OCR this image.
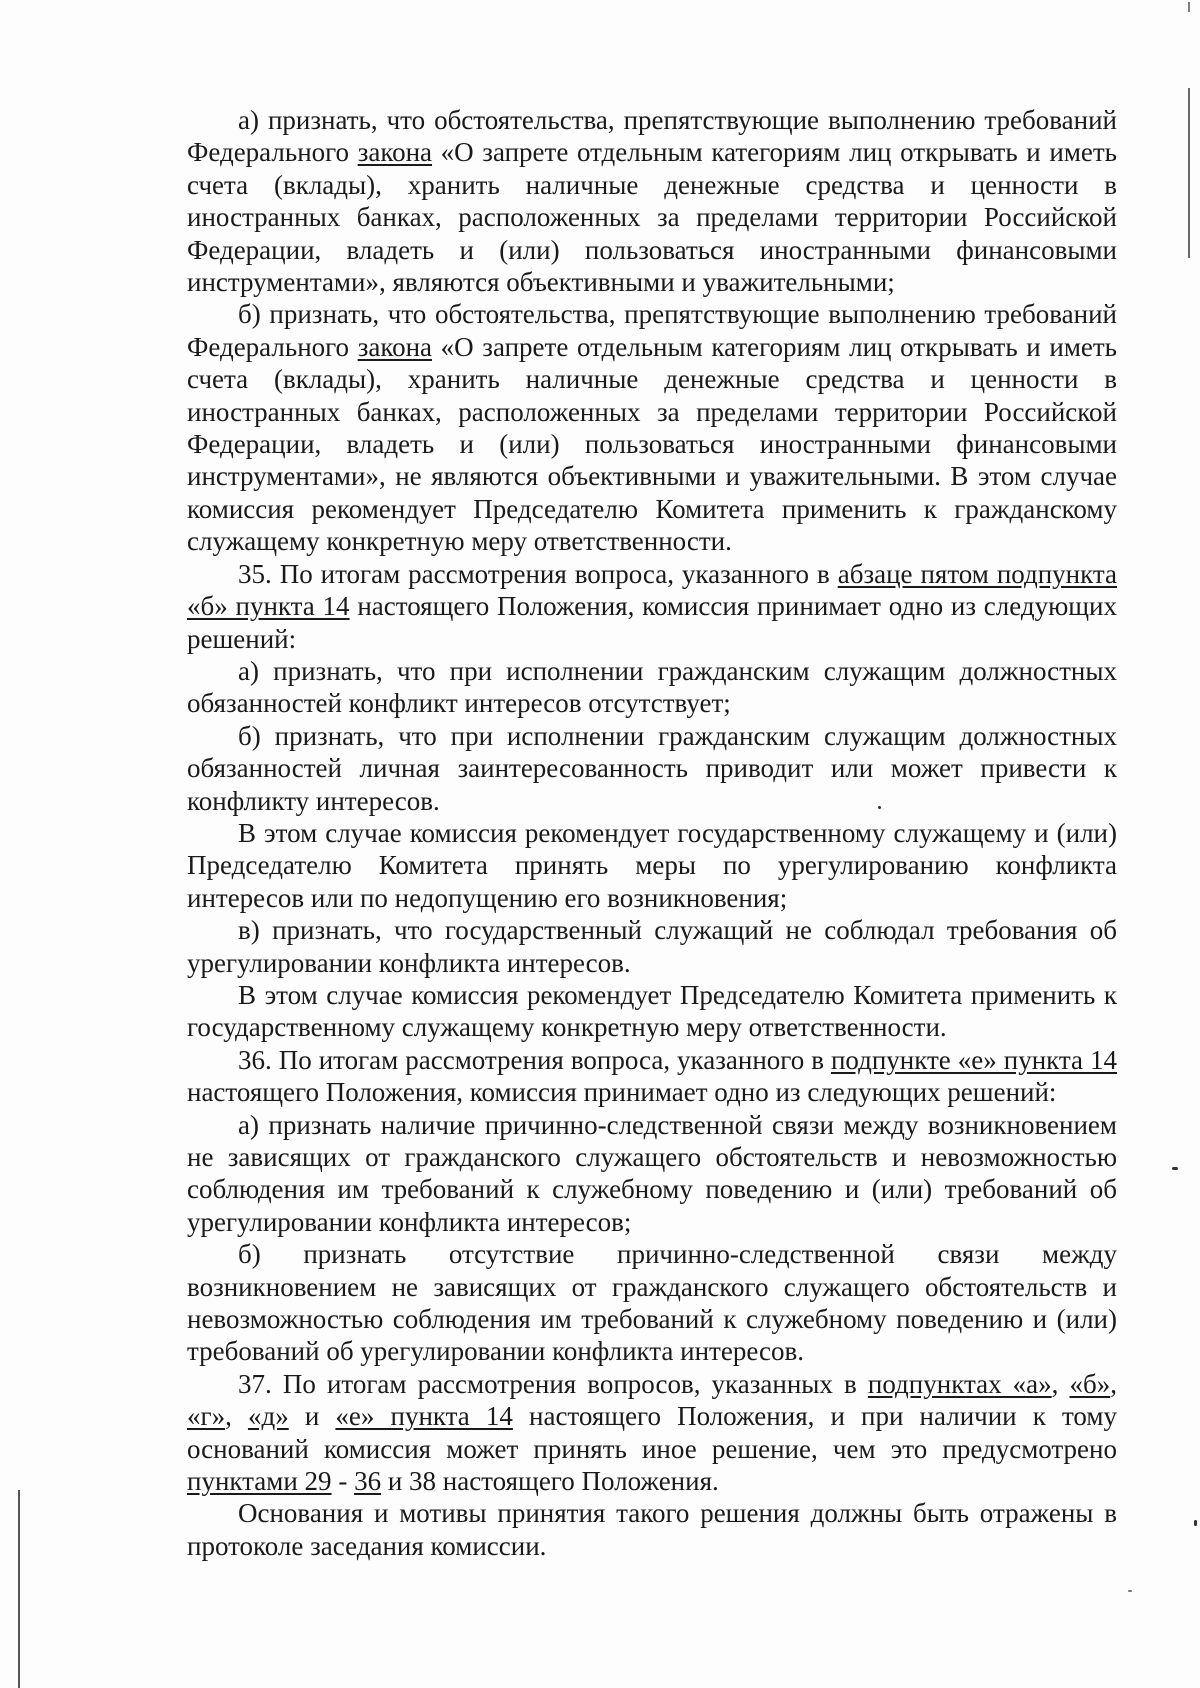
а) признать, что обстоятельства, препятствующие выполнению требований Федерального закона «О запрете отдельным категориям лиц открывать и иметь счета (вклады), хранить наличные денежные средства и ценности в иностранных банках, расположенных за пределами территории Российской Федерации, владеть и (или) пользоваться иностранными финансовыми инструментами», являются объективными и уважительными;

б) признать, что обстоятельства, препятствующие выполнению требований Федерального закона «О запрете отдельным категориям лиц открывать и иметь счета (вклады), хранить наличные денежные средства и ценности в иностранных банках, расположенных за пределами территории Российской Федерации, владеть и (или) пользоваться иностранными финансовыми инструментами», не являются объективными и уважительными. В этом случае комиссия рекомендует Председателю Комитета применить к гражданскому служащему конкретную меру ответственности.

35. По итогам рассмотрения вопроса, указанного в абзаце пятом подпункта «б» пункта 14 настоящего Положения, комиссия принимает одно из следующих решений:

а) признать, что при исполнении гражданским служащим должностных обязанностей конфликт интересов отсутствует;

б) признать, что при исполнении гражданским служащим должностных обязанностей личная заинтересованность приводит или может привести к конфликту интересов.

В этом случае комиссия рекомендует государственному служащему и (или) Председателю Комитета принять меры по урегулированию конфликта интересов или по недопущению его возникновения;

в) признать, что государственный служащий не соблюдал требования об урегулировании конфликта интересов.

В этом случае комиссия рекомендует Председателю Комитета применить к государственному служащему конкретную меру ответственности.

36. По итогам рассмотрения вопроса, указанного в подпункте «е» пункта 14 настоящего Положения, комиссия принимает одно из следующих решений:

а) признать наличие причинно-следственной связи между возникновением не зависящих от гражданского служащего обстоятельств и невозможностью соблюдения им требований к служебному поведению и (или) требований об урегулировании конфликта интересов;

б) признать отсутствие причинно-следственной связи между возникновением не зависящих от гражданского служащего обстоятельств и невозможностью соблюдения им требований к служебному поведению и (или) требований об урегулировании конфликта интересов.

37. По итогам рассмотрения вопросов, указанных в подпунктах «а», «б», «г», «д» и «е» пункта 14 настоящего Положения, и при наличии к тому оснований комиссия может принять иное решение, чем это предусмотрено пунктами 29 - 36 и 38 настоящего Положения.

Основания и мотивы принятия такого решения должны быть отражены в протоколе заседания комиссии.
